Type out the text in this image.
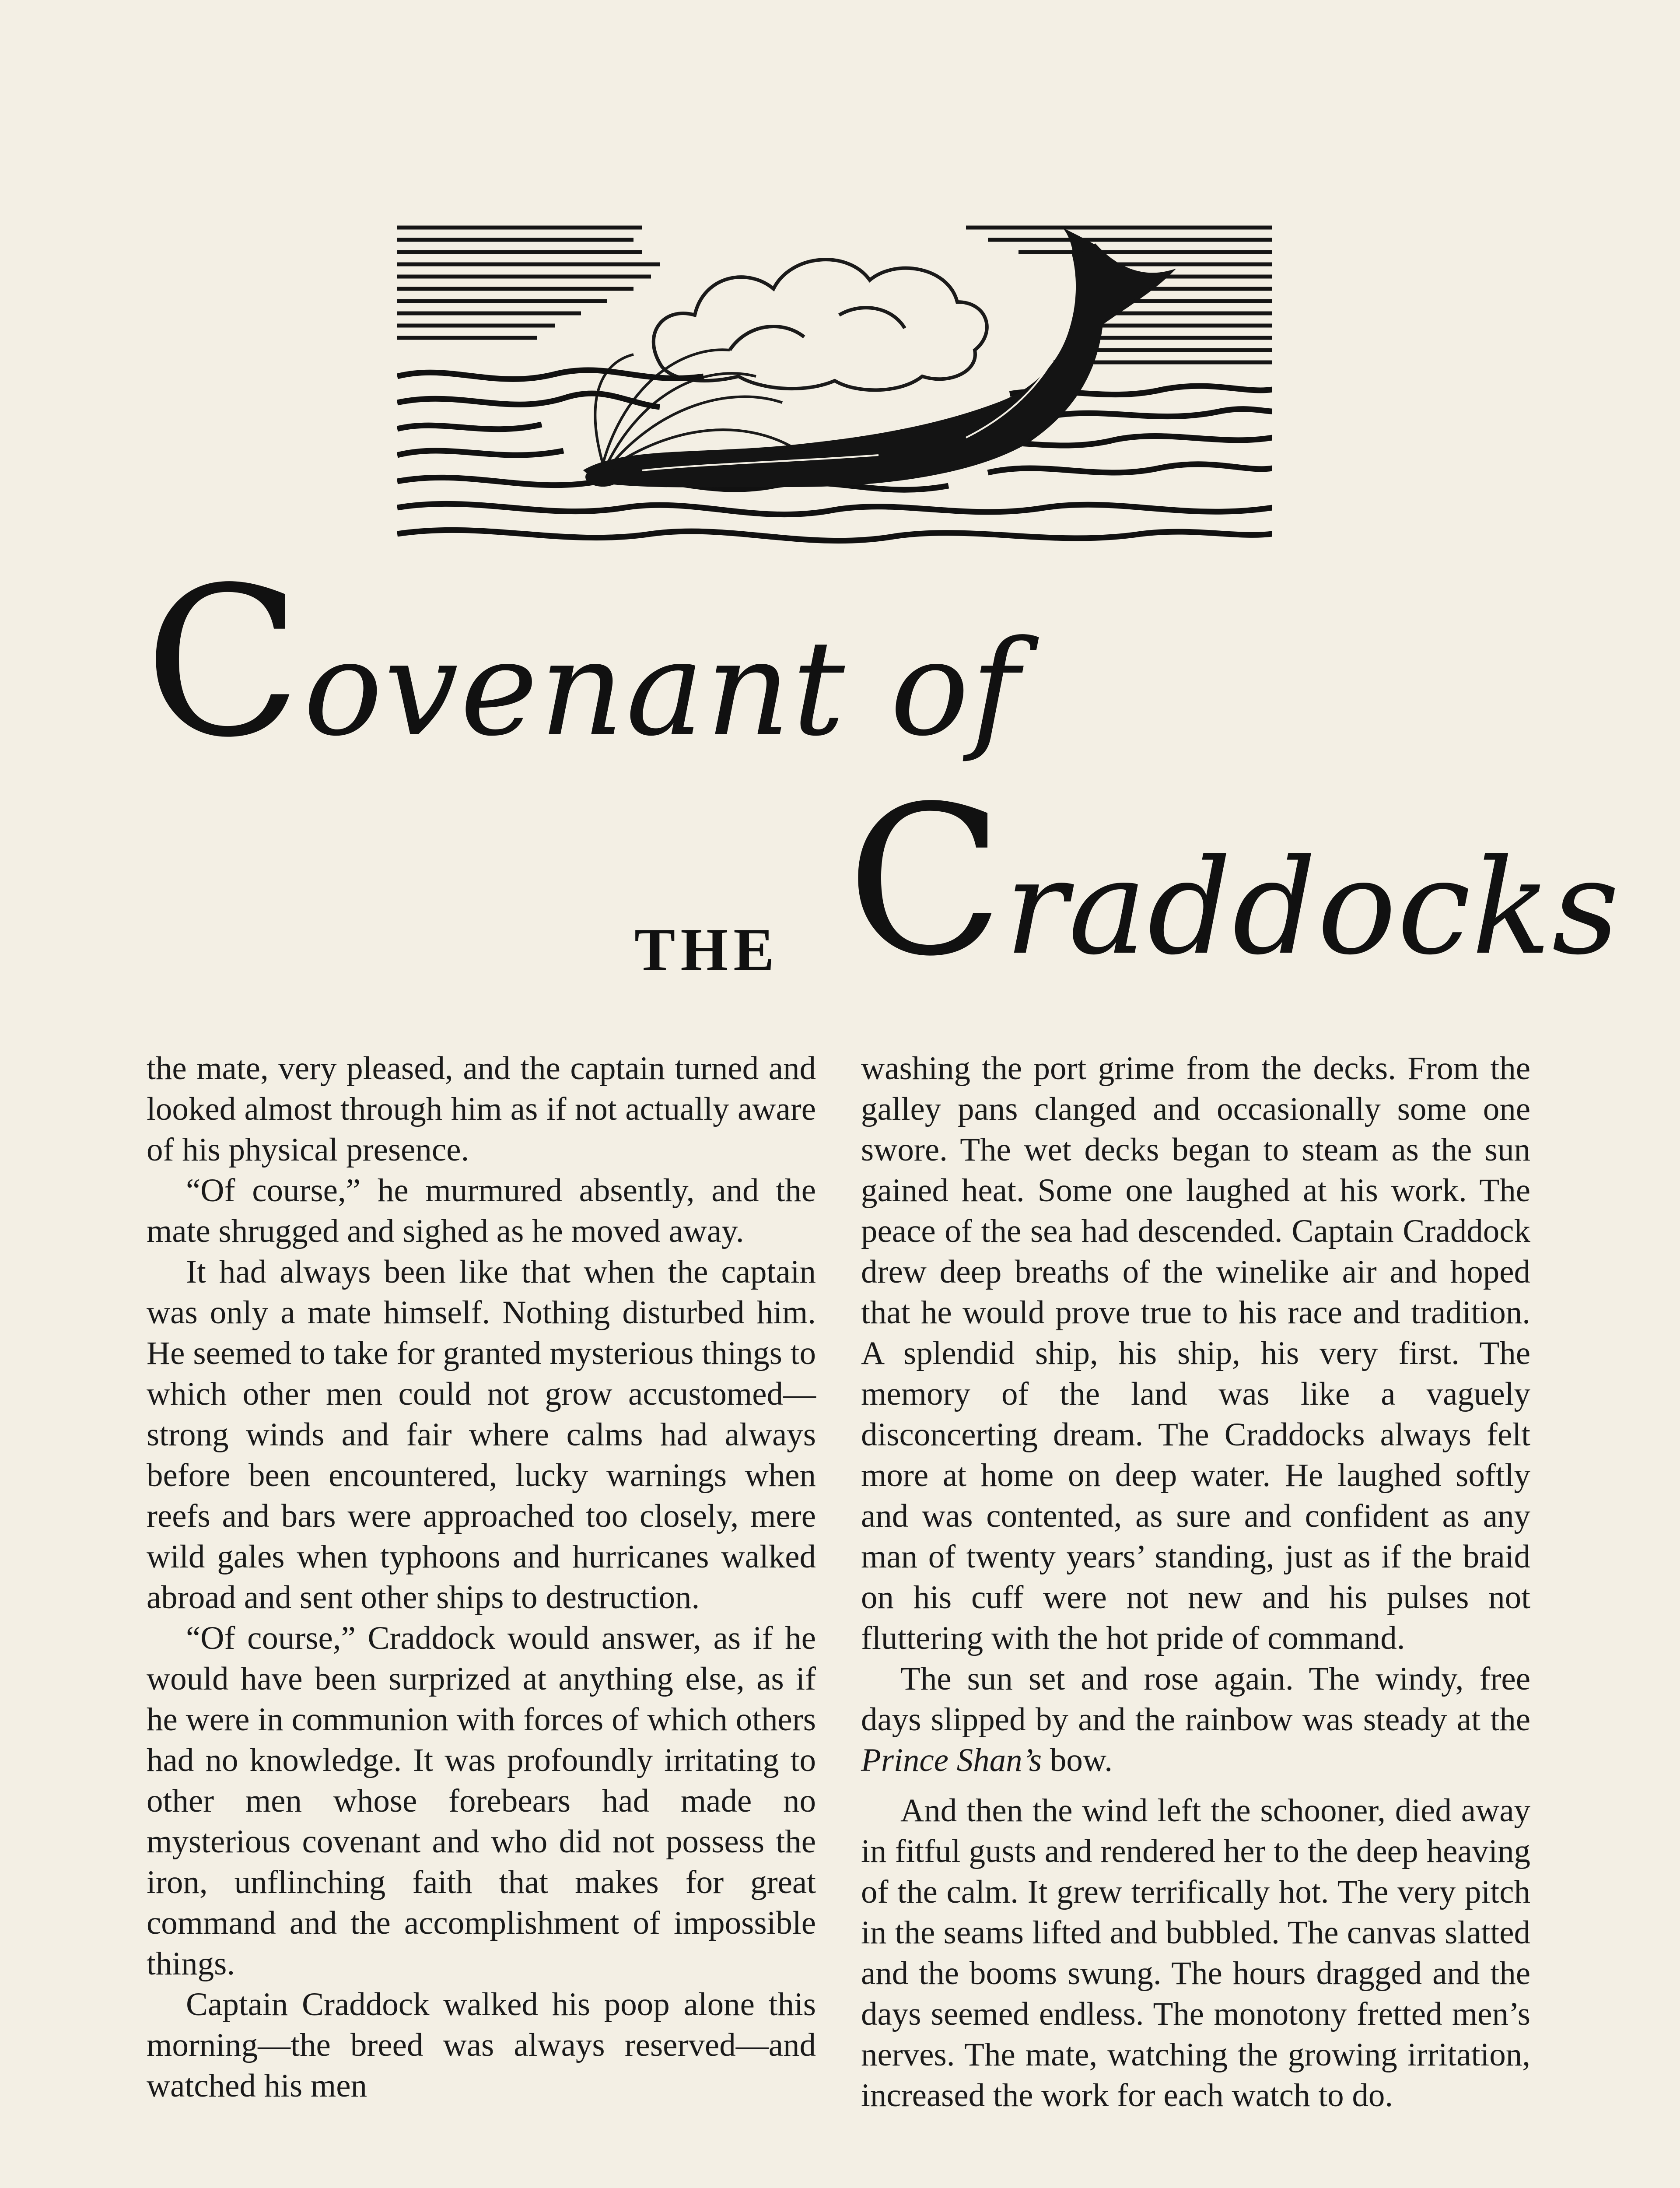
Covenant of
THE Craddocks

the mate, very pleased, and the captain turned and looked almost through him as if not actually aware of his physical presence.

“Of course,” he murmured absently, and the mate shrugged and sighed as he moved away.

It had always been like that when the captain was only a mate himself. Nothing disturbed him. He seemed to take for granted mysterious things to which other men could not grow accustomed—strong winds and fair where calms had always before been encountered, lucky warnings when reefs and bars were approached too closely, mere wild gales when typhoons and hurricanes walked abroad and sent other ships to destruction.

“Of course,” Craddock would answer, as if he would have been surprized at anything else, as if he were in communion with forces of which others had no knowledge. It was profoundly irritating to other men whose forebears had made no mysterious covenant and who did not possess the iron, unflinching faith that makes for great command and the accomplishment of impossible things.

Captain Craddock walked his poop alone this morning—the breed was always reserved—and watched his men

washing the port grime from the decks. From the galley pans clanged and occasionally some one swore. The wet decks began to steam as the sun gained heat. Some one laughed at his work. The peace of the sea had descended. Captain Craddock drew deep breaths of the winelike air and hoped that he would prove true to his race and tradition. A splendid ship, his ship, his very first. The memory of the land was like a vaguely disconcerting dream. The Craddocks always felt more at home on deep water. He laughed softly and was contented, as sure and confident as any man of twenty years’ standing, just as if the braid on his cuff were not new and his pulses not fluttering with the hot pride of command.

The sun set and rose again. The windy, free days slipped by and the rainbow was steady at the Prince Shan’s bow.

And then the wind left the schooner, died away in fitful gusts and rendered her to the deep heaving of the calm. It grew terrifically hot. The very pitch in the seams lifted and bubbled. The canvas slatted and the booms swung. The hours dragged and the days seemed endless. The monotony fretted men’s nerves. The mate, watching the growing irritation, increased the work for each watch to do.
